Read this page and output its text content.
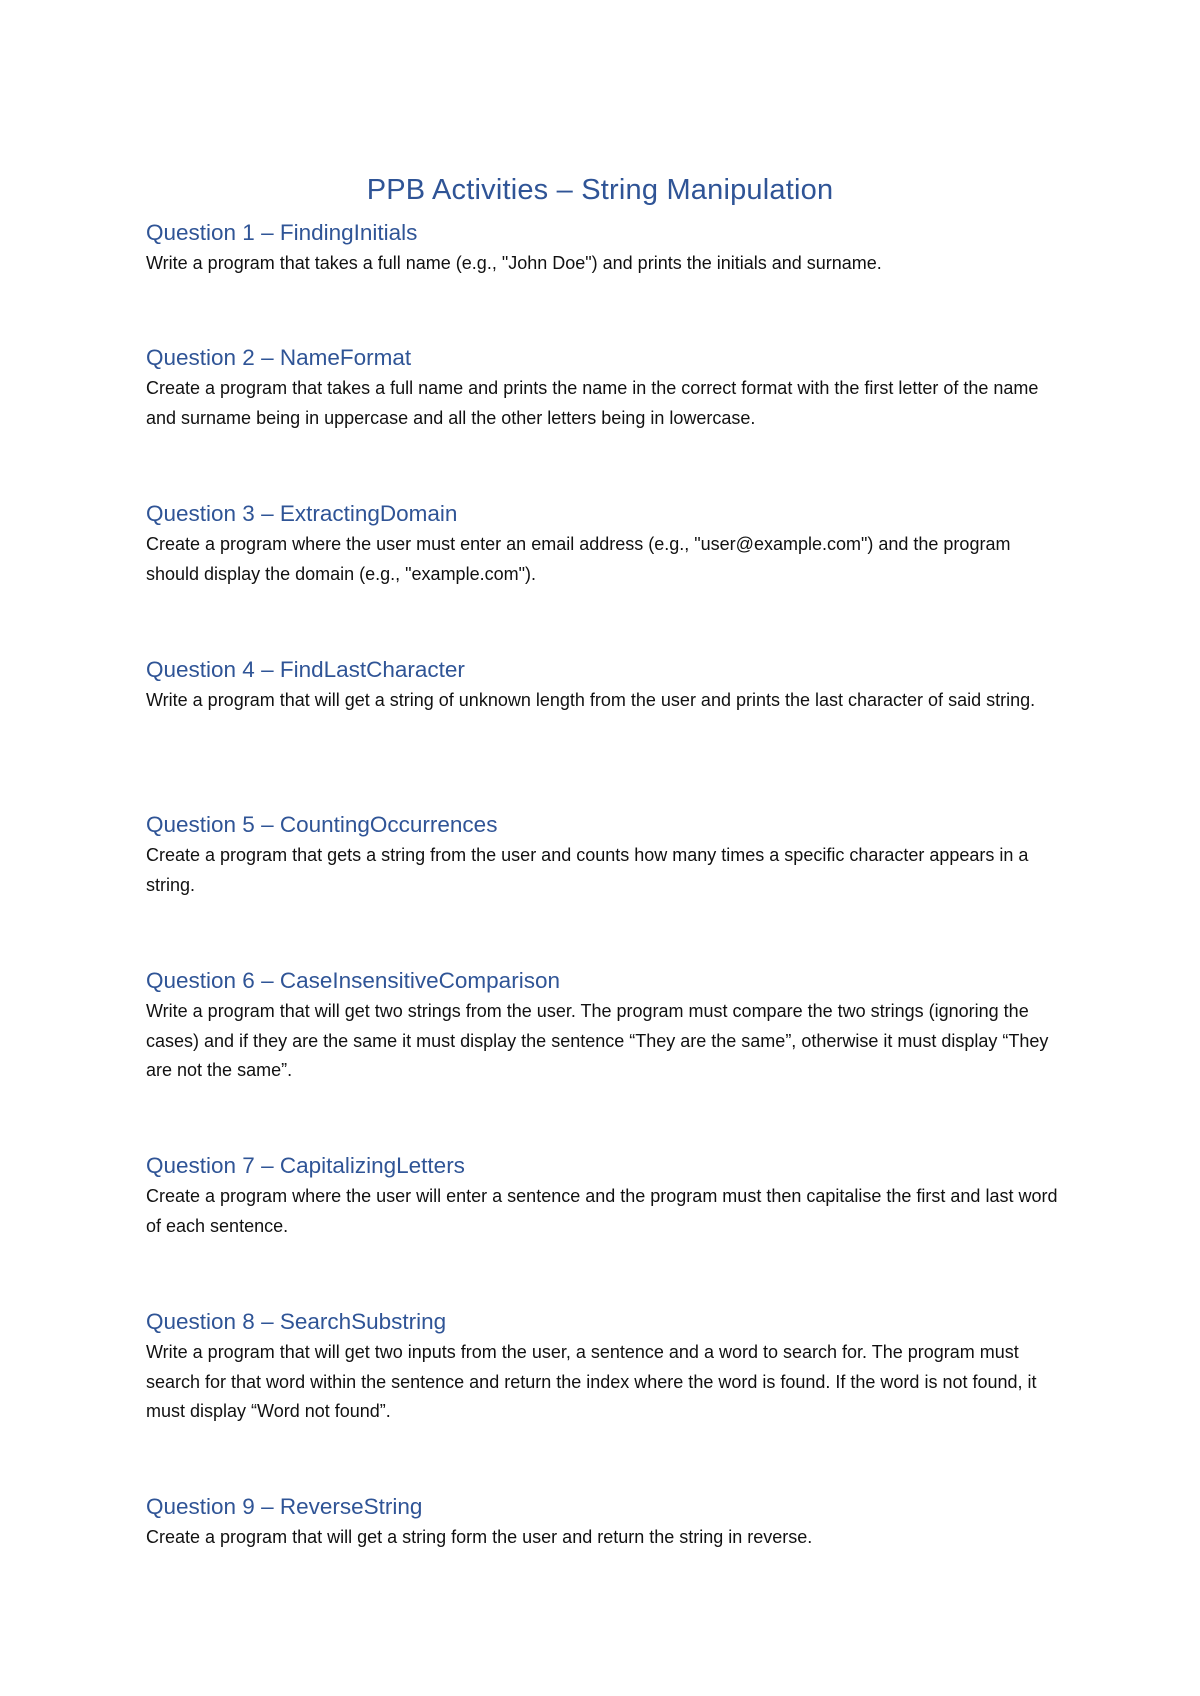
PPB Activities – String Manipulation
Question 1 – FindingInitials
Write a program that takes a full name (e.g., "John Doe") and prints the initials and surname.
Question 2 – NameFormat
Create a program that takes a full name and prints the name in the correct format with the first letter of the name and surname being in uppercase and all the other letters being in lowercase.
Question 3 – ExtractingDomain
Create a program where the user must enter an email address (e.g., "user@example.com") and the program should display the domain (e.g., "example.com").
Question 4 – FindLastCharacter
Write a program that will get a string of unknown length from the user and prints the last character of said string.
Question 5 – CountingOccurrences
Create a program that gets a string from the user and counts how many times a specific character appears in a string.
Question 6 – CaseInsensitiveComparison
Write a program that will get two strings from the user. The program must compare the two strings (ignoring the cases) and if they are the same it must display the sentence “They are the same”, otherwise it must display “They are not the same”.
Question 7 – CapitalizingLetters
Create a program where the user will enter a sentence and the program must then capitalise the first and last word of each sentence.
Question 8 – SearchSubstring
Write a program that will get two inputs from the user, a sentence and a word to search for. The program must search for that word within the sentence and return the index where the word is found. If the word is not found, it must display “Word not found”.
Question 9 – ReverseString
Create a program that will get a string form the user and return the string in reverse.
